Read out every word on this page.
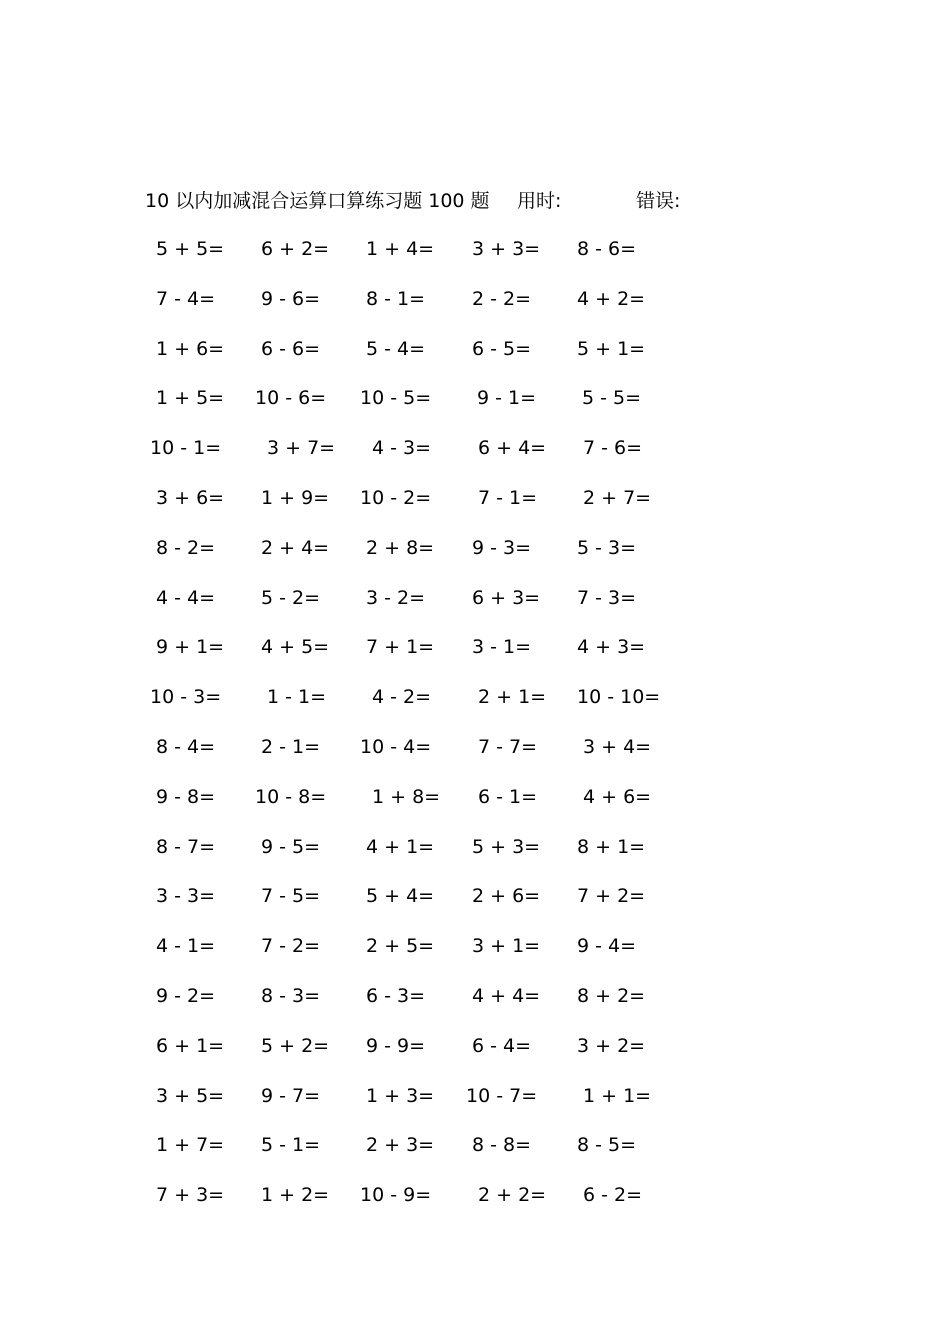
10 以内加减混合运算口算练习题 100 题 用时:	错误:
5 + 5= 6 + 2= 1 + 4= 3 + 3= 8 - 6=
7 - 4= 9 - 6= 8 - 1= 2 - 2= 4 + 2=
1 + 6= 6 - 6= 5 - 4= 6 - 5= 5 + 1=
1 + 5= 10 - 6= 10 - 5= 9 - 1= 5 - 5=
10 - 1= 3 + 7= 4 - 3= 6 + 4= 7 - 6=
3 + 6= 1 + 9= 10 - 2= 7 - 1= 2 + 7=
8 - 2= 2 + 4= 2 + 8= 9 - 3= 5 - 3=
4 - 4= 5 - 2= 3 - 2= 6 + 3= 7 - 3=
9 + 1= 4 + 5= 7 + 1= 3 - 1= 4 + 3=
10 - 3= 1 - 1= 4 - 2= 2 + 1= 10 - 10=
8 - 4= 2 - 1= 10 - 4= 7 - 7= 3 + 4=
9 - 8= 10 - 8= 1 + 8= 6 - 1= 4 + 6=
8 - 7= 9 - 5= 4 + 1= 5 + 3= 8 + 1=
3 - 3= 7 - 5= 5 + 4= 2 + 6= 7 + 2=
4 - 1= 7 - 2= 2 + 5= 3 + 1= 9 - 4=
9 - 2= 8 - 3= 6 - 3= 4 + 4= 8 + 2=
6 + 1= 5 + 2= 9 - 9= 6 - 4= 3 + 2=
3 + 5= 9 - 7= 1 + 3= 10 - 7= 1 + 1=
1 + 7= 5 - 1= 2 + 3= 8 - 8= 8 - 5=
7 + 3= 1 + 2= 10 - 9= 2 + 2= 6 - 2=
